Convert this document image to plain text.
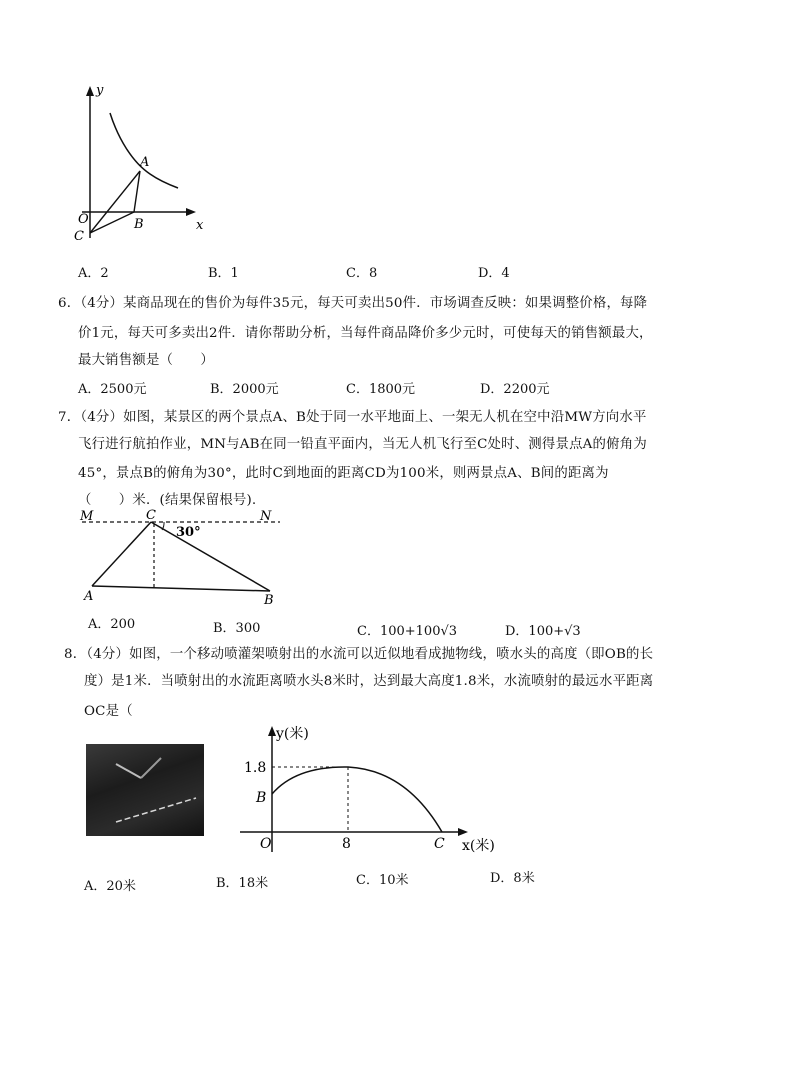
y
x
A
O	B
C
A．2	B．1	C．8	D．4
6．（4分）某商品现在的售价为每件35元，每天可卖出50件．市场调查反映：如果调整价格，每降
价1元，每天可多卖出2件．请你帮助分析，当每件商品降价多少元时，可使每天的销售额最大，
最大销售额是（　　）
A．2500元	B．2000元	C．1800元	D．2200元
7．（4分）如图，某景区的两个景点A、B处于同一水平地面上、一架无人机在空中沿MW方向水平
飞行进行航拍作业，MN与AB在同一铅直平面内，当无人机飞行至C处时、测得景点A的俯角为
45°，景点B的俯角为30°，此时C到地面的距离CD为100米，则两景点A、B间的距离为
（　　）米．(结果保留根号).
M	C	N
30°
A	B
A．200	B．300	C．100+100√3	D．100+√3
8．（4分）如图，一个移动喷灌架喷射出的水流可以近似地看成抛物线，喷水头的高度（即OB的长
度）是1米．当喷射出的水流距离喷水头8米时，达到最大高度1.8米，水流喷射的最远水平距离
OC是（
y(米)
1.8
B
O	8	C x(米)
A．20米	B．18米	C．10米	D．8米
